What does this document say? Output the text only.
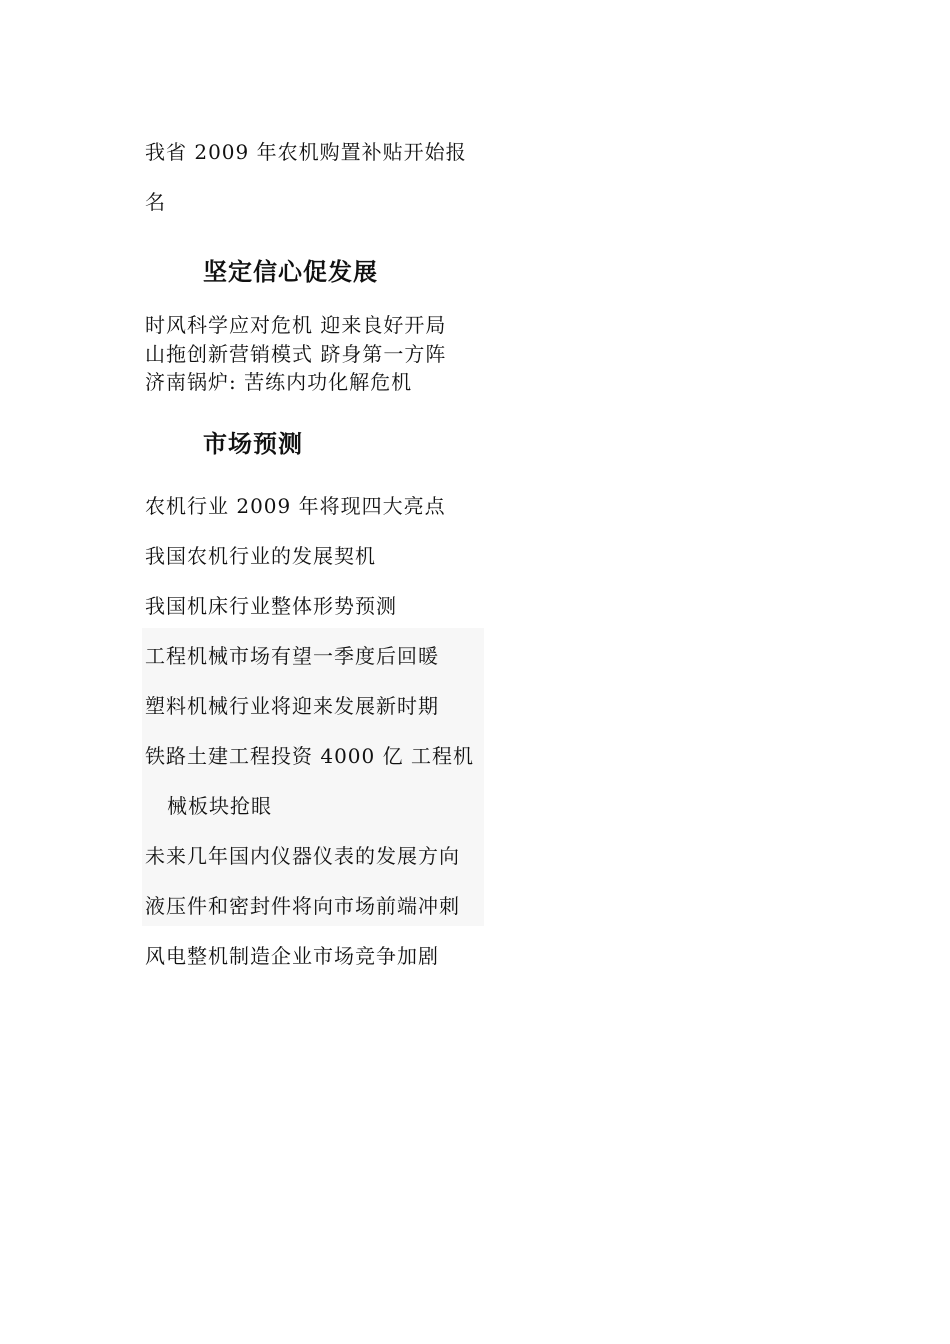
我省 2009 年农机购置补贴开始报
名
坚定信心促发展
时风科学应对危机 迎来良好开局
山拖创新营销模式 跻身第一方阵
济南锅炉: 苦练内功化解危机
市场预测
农机行业 2009 年将现四大亮点
我国农机行业的发展契机
我国机床行业整体形势预测
工程机械市场有望一季度后回暖
塑料机械行业将迎来发展新时期
铁路土建工程投资 4000 亿 工程机
械板块抢眼
未来几年国内仪器仪表的发展方向
液压件和密封件将向市场前端冲刺
风电整机制造企业市场竞争加剧
